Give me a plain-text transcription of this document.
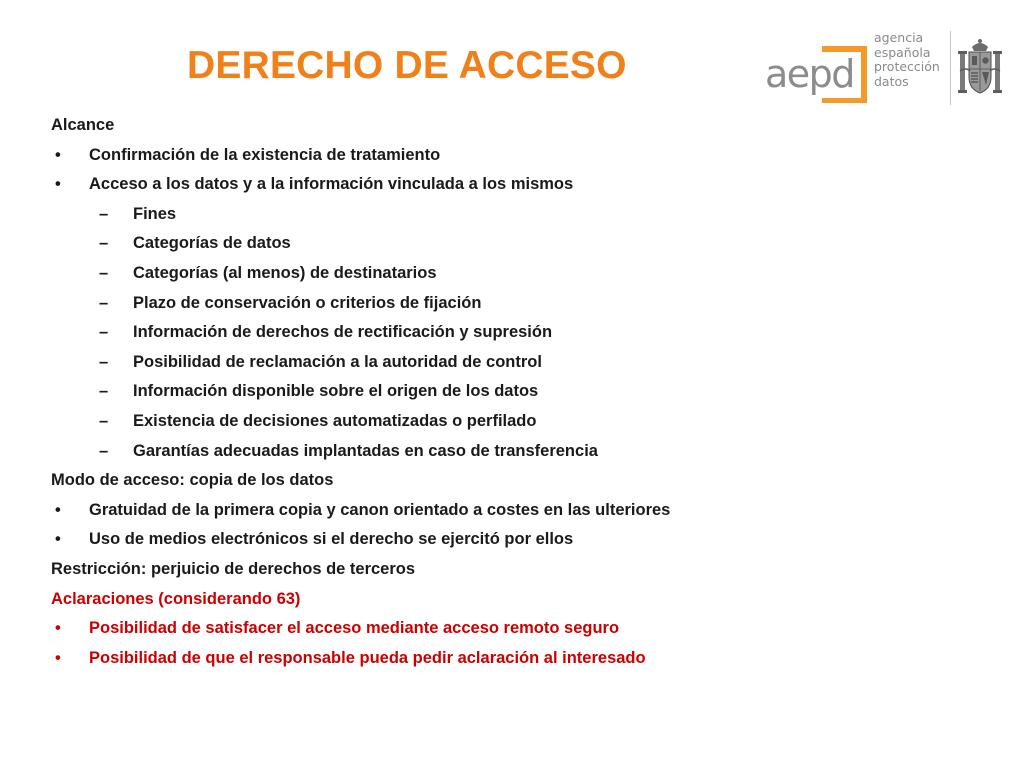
DERECHO DE ACCESO	aepd
agencia
española
protección
datos
Alcance
• Confirmación de la existencia de tratamiento
• Acceso a los datos y a la información vinculada a los mismos
– Fines
– Categorías de datos
– Categorías (al menos) de destinatarios
– Plazo de conservación o criterios de fijación
– Información de derechos de rectificación y supresión
– Posibilidad de reclamación a la autoridad de control
– Información disponible sobre el origen de los datos
– Existencia de decisiones automatizadas o perfilado
– Garantías adecuadas implantadas en caso de transferencia
Modo de acceso: copia de los datos
• Gratuidad de la primera copia y canon orientado a costes en las ulteriores
• Uso de medios electrónicos si el derecho se ejercitó por ellos
Restricción: perjuicio de derechos de terceros
Aclaraciones (considerando 63)
• Posibilidad de satisfacer el acceso mediante acceso remoto seguro
• Posibilidad de que el responsable pueda pedir aclaración al interesado
